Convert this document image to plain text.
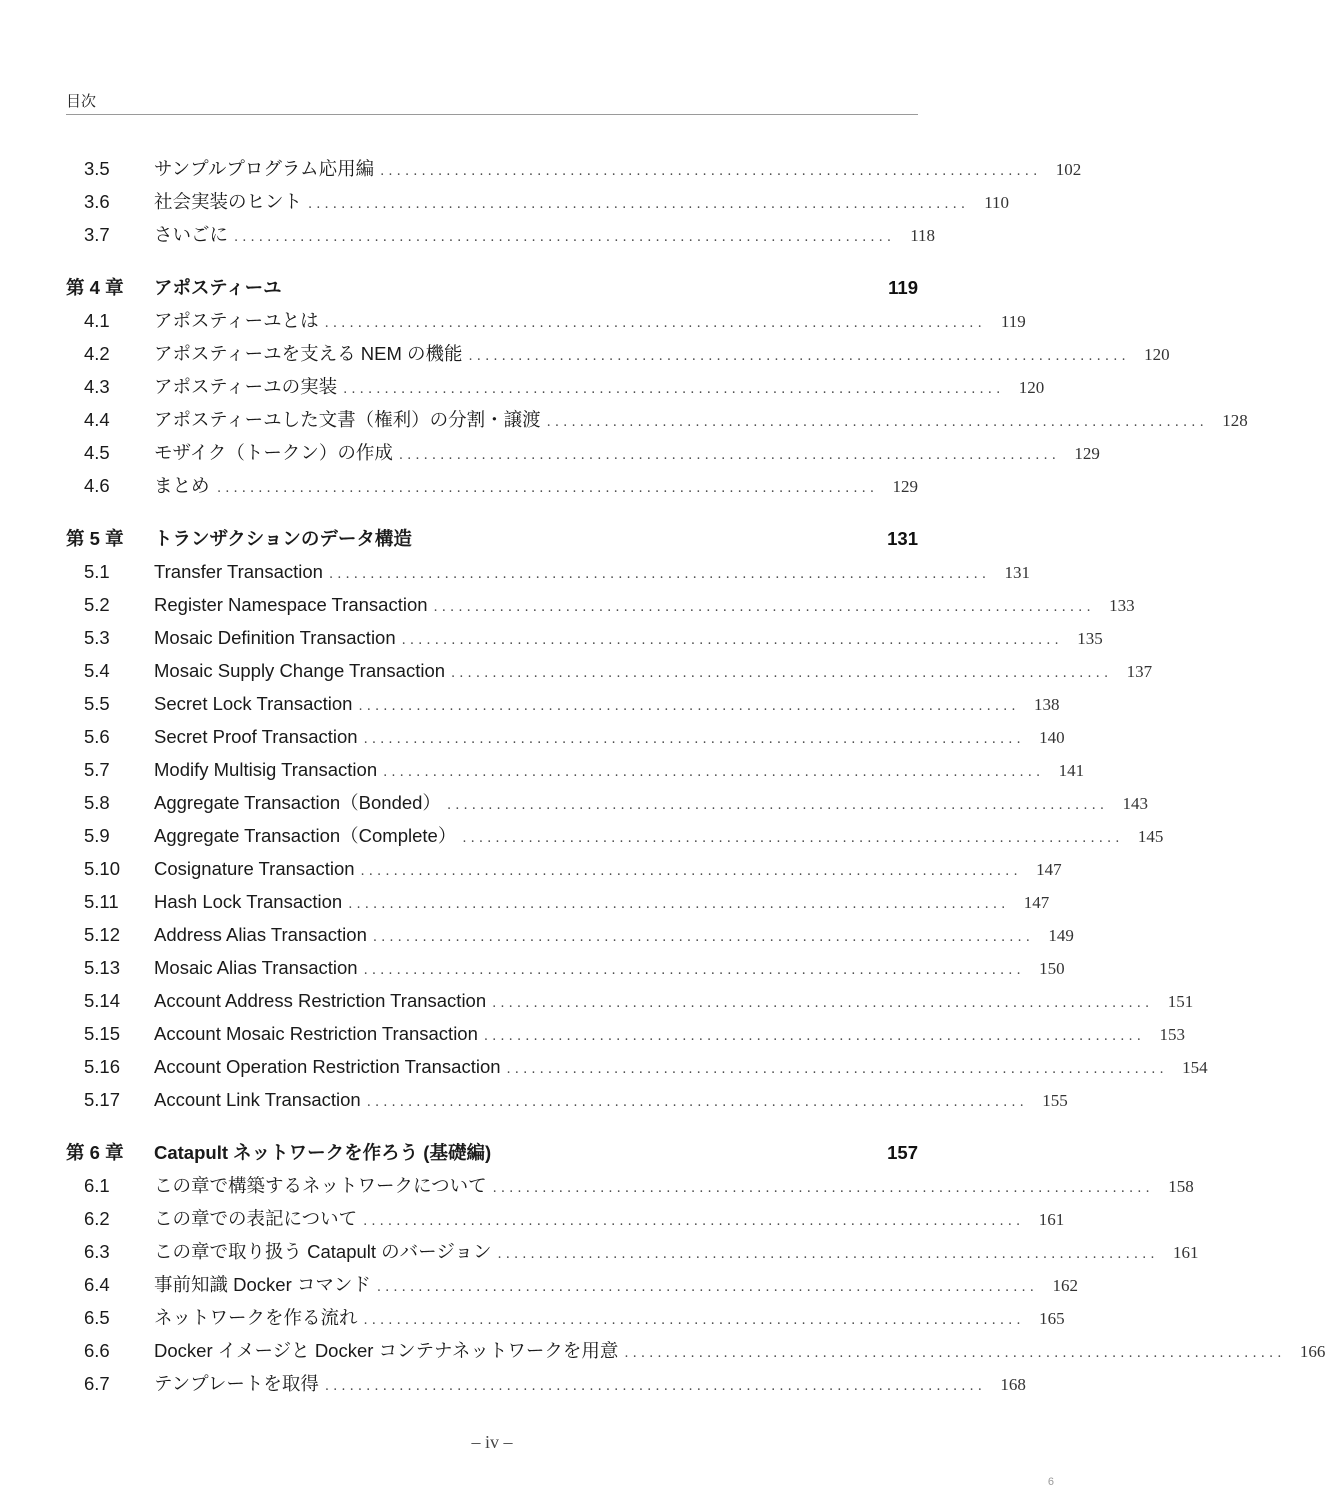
目次
3.5	サンプルプログラム応用編 . . . . . . . . . . . . . . . . . . . . . . . . . . . . . . . . . . . . . . . . . . . . . . . . . . . . . . . . . . . . . . . . . . . . . . . . . . . . . . . .	102
3.6	社会実装のヒント . . . . . . . . . . . . . . . . . . . . . . . . . . . . . . . . . . . . . . . . . . . . . . . . . . . . . . . . . . . . . . . . . . . . . . . . . . . . . . . .	110
3.7	さいごに . . . . . . . . . . . . . . . . . . . . . . . . . . . . . . . . . . . . . . . . . . . . . . . . . . . . . . . . . . . . . . . . . . . . . . . . . . . . . . . .	118
第 4 章	アポスティーユ	119
4.1	アポスティーユとは . . . . . . . . . . . . . . . . . . . . . . . . . . . . . . . . . . . . . . . . . . . . . . . . . . . . . . . . . . . . . . . . . . . . . . . . . . . . . . . .	119
4.2	アポスティーユを支える NEM の機能 . . . . . . . . . . . . . . . . . . . . . . . . . . . . . . . . . . . . . . . . . . . . . . . . . . . . . . . . . . . . . . . . . . . . . . . . . . . . . . . .	120
4.3	アポスティーユの実装 . . . . . . . . . . . . . . . . . . . . . . . . . . . . . . . . . . . . . . . . . . . . . . . . . . . . . . . . . . . . . . . . . . . . . . . . . . . . . . . .	120
4.4	アポスティーユした文書（権利）の分割・譲渡 . . . . . . . . . . . . . . . . . . . . . . . . . . . . . . . . . . . . . . . . . . . . . . . . . . . . . . . . . . . . . . . . . . . . . . . . . . . . . . . .	128
4.5	モザイク（トークン）の作成 . . . . . . . . . . . . . . . . . . . . . . . . . . . . . . . . . . . . . . . . . . . . . . . . . . . . . . . . . . . . . . . . . . . . . . . . . . . . . . . .	129
4.6	まとめ . . . . . . . . . . . . . . . . . . . . . . . . . . . . . . . . . . . . . . . . . . . . . . . . . . . . . . . . . . . . . . . . . . . . . . . . . . . . . . . .	129
第 5 章	トランザクションのデータ構造	131
5.1	Transfer Transaction . . . . . . . . . . . . . . . . . . . . . . . . . . . . . . . . . . . . . . . . . . . . . . . . . . . . . . . . . . . . . . . . . . . . . . . . . . . . . . . .	131
5.2	Register Namespace Transaction . . . . . . . . . . . . . . . . . . . . . . . . . . . . . . . . . . . . . . . . . . . . . . . . . . . . . . . . . . . . . . . . . . . . . . . . . . . . . . . .	133
5.3	Mosaic Definition Transaction . . . . . . . . . . . . . . . . . . . . . . . . . . . . . . . . . . . . . . . . . . . . . . . . . . . . . . . . . . . . . . . . . . . . . . . . . . . . . . . .	135
5.4	Mosaic Supply Change Transaction . . . . . . . . . . . . . . . . . . . . . . . . . . . . . . . . . . . . . . . . . . . . . . . . . . . . . . . . . . . . . . . . . . . . . . . . . . . . . . . .	137
5.5	Secret Lock Transaction . . . . . . . . . . . . . . . . . . . . . . . . . . . . . . . . . . . . . . . . . . . . . . . . . . . . . . . . . . . . . . . . . . . . . . . . . . . . . . . .	138
5.6	Secret Proof Transaction . . . . . . . . . . . . . . . . . . . . . . . . . . . . . . . . . . . . . . . . . . . . . . . . . . . . . . . . . . . . . . . . . . . . . . . . . . . . . . . .	140
5.7	Modify Multisig Transaction . . . . . . . . . . . . . . . . . . . . . . . . . . . . . . . . . . . . . . . . . . . . . . . . . . . . . . . . . . . . . . . . . . . . . . . . . . . . . . . .	141
5.8	Aggregate Transaction（Bonded） . . . . . . . . . . . . . . . . . . . . . . . . . . . . . . . . . . . . . . . . . . . . . . . . . . . . . . . . . . . . . . . . . . . . . . . . . . . . . . . .	143
5.9	Aggregate Transaction（Complete） . . . . . . . . . . . . . . . . . . . . . . . . . . . . . . . . . . . . . . . . . . . . . . . . . . . . . . . . . . . . . . . . . . . . . . . . . . . . . . . .	145
5.10	Cosignature Transaction . . . . . . . . . . . . . . . . . . . . . . . . . . . . . . . . . . . . . . . . . . . . . . . . . . . . . . . . . . . . . . . . . . . . . . . . . . . . . . . .	147
5.11	Hash Lock Transaction . . . . . . . . . . . . . . . . . . . . . . . . . . . . . . . . . . . . . . . . . . . . . . . . . . . . . . . . . . . . . . . . . . . . . . . . . . . . . . . .	147
5.12	Address Alias Transaction . . . . . . . . . . . . . . . . . . . . . . . . . . . . . . . . . . . . . . . . . . . . . . . . . . . . . . . . . . . . . . . . . . . . . . . . . . . . . . . .	149
5.13	Mosaic Alias Transaction . . . . . . . . . . . . . . . . . . . . . . . . . . . . . . . . . . . . . . . . . . . . . . . . . . . . . . . . . . . . . . . . . . . . . . . . . . . . . . . .	150
5.14	Account Address Restriction Transaction . . . . . . . . . . . . . . . . . . . . . . . . . . . . . . . . . . . . . . . . . . . . . . . . . . . . . . . . . . . . . . . . . . . . . . . . . . . . . . . .	151
5.15	Account Mosaic Restriction Transaction . . . . . . . . . . . . . . . . . . . . . . . . . . . . . . . . . . . . . . . . . . . . . . . . . . . . . . . . . . . . . . . . . . . . . . . . . . . . . . . .	153
5.16	Account Operation Restriction Transaction . . . . . . . . . . . . . . . . . . . . . . . . . . . . . . . . . . . . . . . . . . . . . . . . . . . . . . . . . . . . . . . . . . . . . . . . . . . . . . . .	154
5.17	Account Link Transaction . . . . . . . . . . . . . . . . . . . . . . . . . . . . . . . . . . . . . . . . . . . . . . . . . . . . . . . . . . . . . . . . . . . . . . . . . . . . . . . .	155
第 6 章	Catapult ネットワークを作ろう (基礎編)	157
6.1	この章で構築するネットワークについて . . . . . . . . . . . . . . . . . . . . . . . . . . . . . . . . . . . . . . . . . . . . . . . . . . . . . . . . . . . . . . . . . . . . . . . . . . . . . . . .	158
6.2	この章での表記について . . . . . . . . . . . . . . . . . . . . . . . . . . . . . . . . . . . . . . . . . . . . . . . . . . . . . . . . . . . . . . . . . . . . . . . . . . . . . . . .	161
6.3	この章で取り扱う Catapult のバージョン . . . . . . . . . . . . . . . . . . . . . . . . . . . . . . . . . . . . . . . . . . . . . . . . . . . . . . . . . . . . . . . . . . . . . . . . . . . . . . . .	161
6.4	事前知識 Docker コマンド . . . . . . . . . . . . . . . . . . . . . . . . . . . . . . . . . . . . . . . . . . . . . . . . . . . . . . . . . . . . . . . . . . . . . . . . . . . . . . . .	162
6.5	ネットワークを作る流れ . . . . . . . . . . . . . . . . . . . . . . . . . . . . . . . . . . . . . . . . . . . . . . . . . . . . . . . . . . . . . . . . . . . . . . . . . . . . . . . .	165
6.6	Docker イメージと Docker コンテナネットワークを用意 . . . . . . . . . . . . . . . . . . . . . . . . . . . . . . . . . . . . . . . . . . . . . . . . . . . . . . . . . . . . . . . . . . . . . . . . . . . . . . . .	166
6.7	テンプレートを取得 . . . . . . . . . . . . . . . . . . . . . . . . . . . . . . . . . . . . . . . . . . . . . . . . . . . . . . . . . . . . . . . . . . . . . . . . . . . . . . . .	168
– iv –
6
